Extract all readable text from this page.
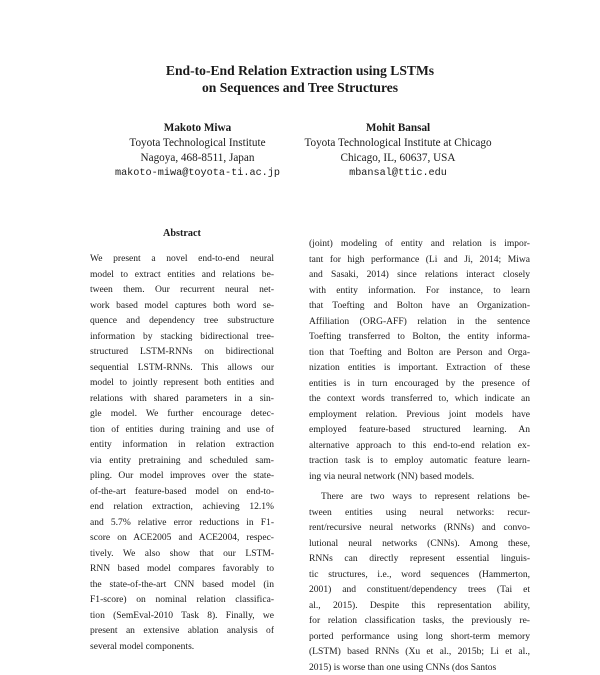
End-to-End Relation Extraction using LSTMs
on Sequences and Tree Structures
Makoto Miwa
Toyota Technological Institute
Nagoya, 468-8511, Japan
makoto-miwa@toyota-ti.ac.jp
Mohit Bansal
Toyota Technological Institute at Chicago
Chicago, IL, 60637, USA
mbansal@ttic.edu
Abstract
We present a novel end-to-end neural
model to extract entities and relations be-
tween them. Our recurrent neural net-
work based model captures both word se-
quence and dependency tree substructure
information by stacking bidirectional tree-
structured LSTM-RNNs on bidirectional
sequential LSTM-RNNs. This allows our
model to jointly represent both entities and
relations with shared parameters in a sin-
gle model. We further encourage detec-
tion of entities during training and use of
entity information in relation extraction
via entity pretraining and scheduled sam-
pling. Our model improves over the state-
of-the-art feature-based model on end-to-
end relation extraction, achieving 12.1%
and 5.7% relative error reductions in F1-
score on ACE2005 and ACE2004, respec-
tively. We also show that our LSTM-
RNN based model compares favorably to
the state-of-the-art CNN based model (in
F1-score) on nominal relation classifica-
tion (SemEval-2010 Task 8). Finally, we
present an extensive ablation analysis of
several model components.
(joint) modeling of entity and relation is impor-
tant for high performance (Li and Ji, 2014; Miwa
and Sasaki, 2014) since relations interact closely
with entity information. For instance, to learn
that Toefting and Bolton have an Organization-
Affiliation (ORG-AFF) relation in the sentence
Toefting transferred to Bolton, the entity informa-
tion that Toefting and Bolton are Person and Orga-
nization entities is important. Extraction of these
entities is in turn encouraged by the presence of
the context words transferred to, which indicate an
employment relation. Previous joint models have
employed feature-based structured learning. An
alternative approach to this end-to-end relation ex-
traction task is to employ automatic feature learn-
ing via neural network (NN) based models.
There are two ways to represent relations be-
tween entities using neural networks: recur-
rent/recursive neural networks (RNNs) and convo-
lutional neural networks (CNNs). Among these,
RNNs can directly represent essential linguis-
tic structures, i.e., word sequences (Hammerton,
2001) and constituent/dependency trees (Tai et
al., 2015). Despite this representation ability,
for relation classification tasks, the previously re-
ported performance using long short-term memory
(LSTM) based RNNs (Xu et al., 2015b; Li et al.,
2015) is worse than one using CNNs (dos Santos
